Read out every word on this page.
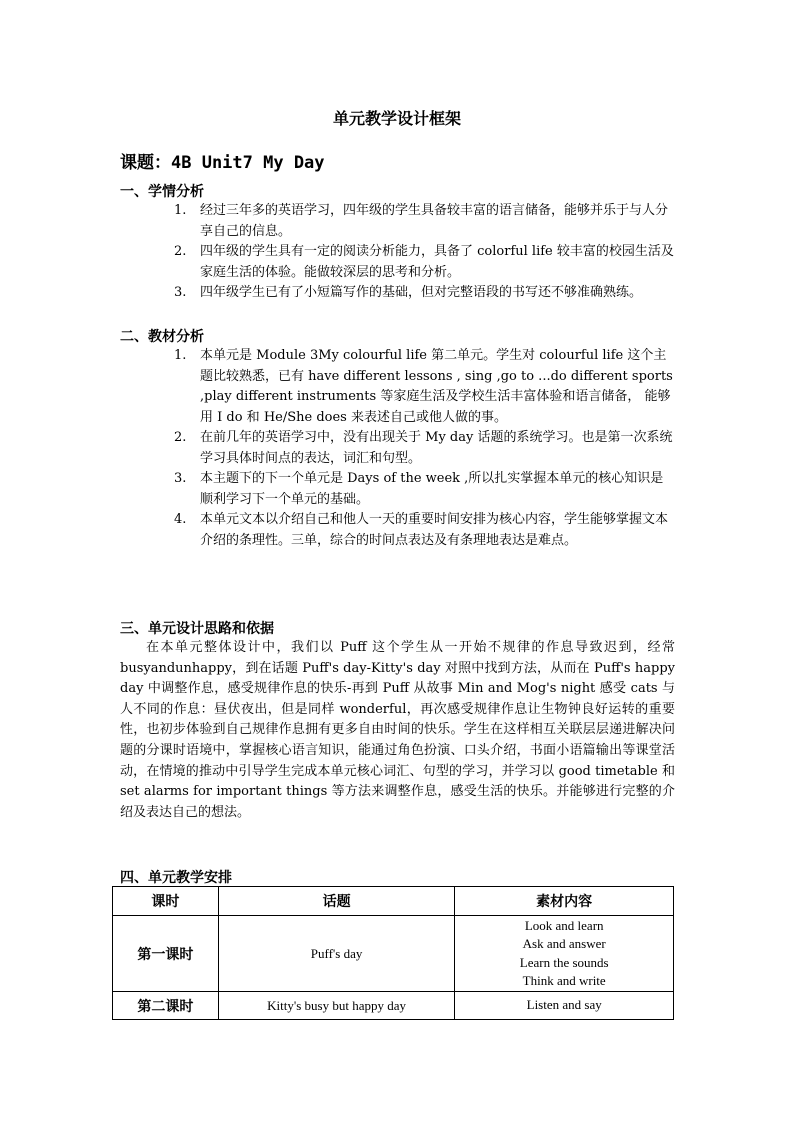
单元教学设计框架
课题：4B Unit7 My Day
一、学情分析
1. 经过三年多的英语学习，四年级的学生具备较丰富的语言储备，能够并乐于与人分享自己的信息。
2. 四年级的学生具有一定的阅读分析能力，具备了 colorful life 较丰富的校园生活及家庭生活的体验。能做较深层的思考和分析。
3. 四年级学生已有了小短篇写作的基础，但对完整语段的书写还不够准确熟练。
二、教材分析
1. 本单元是 Module 3My colourful life 第二单元。学生对 colourful life 这个主题比较熟悉，已有 have different lessons , sing ,go to ...do different sports ,play different instruments 等家庭生活及学校生活丰富体验和语言储备， 能够用 I do 和 He/She does 来表述自己或他人做的事。
2. 在前几年的英语学习中，没有出现关于 My day 话题的系统学习。也是第一次系统学习具体时间点的表达，词汇和句型。
3. 本主题下的下一个单元是 Days of the week ,所以扎实掌握本单元的核心知识是顺利学习下一个单元的基础。
4. 本单元文本以介绍自己和他人一天的重要时间安排为核心内容，学生能够掌握文本介绍的条理性。三单，综合的时间点表达及有条理地表达是难点。
三、单元设计思路和依据

在本单元整体设计中，我们以 Puff 这个学生从一开始不规律的作息导致迟到，经常 busyandunhappy，到在话题 Puff's day-Kitty's day 对照中找到方法，从而在 Puff's happy day 中调整作息，感受规律作息的快乐-再到 Puff 从故事 Min and Mog's night 感受 cats 与人不同的作息：昼伏夜出，但是同样 wonderful，再次感受规律作息让生物钟良好运转的重要性，也初步体验到自己规律作息拥有更多自由时间的快乐。学生在这样相互关联层层递进解决问题的分课时语境中，掌握核心语言知识，能通过角色扮演、口头介绍，书面小语篇输出等课堂活动，在情境的推动中引导学生完成本单元核心词汇、句型的学习，并学习以 good timetable 和 set alarms for important things 等方法来调整作息，感受生活的快乐。并能够进行完整的介绍及表达自己的想法。

四、单元教学安排
课时	话题	素材内容
第一课时	Puff's day	Look and learn
Ask and answer
Learn the sounds
Think and write

第二课时	Kitty's busy but happy day	Listen and say
